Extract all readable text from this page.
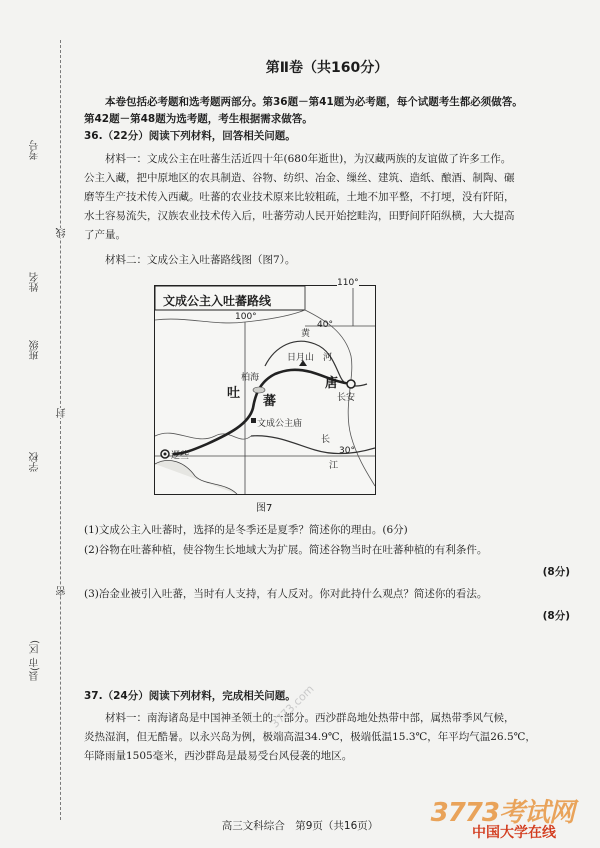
考号
姓名
班级
学校
县(市 区)
线
封
密
第Ⅱ卷（共160分）
本卷包括必考题和选考题两部分。第36题－第41题为必考题，每个试题考生都必须做答。
第42题－第48题为选考题，考生根据需求做答。
36.（22分）阅读下列材料，回答相关问题。
材料一：文成公主在吐蕃生活近四十年(680年逝世)，为汉藏两族的友谊做了许多工作。
公主入藏，把中原地区的农具制造、谷物、纺织、冶金、缫丝、建筑、造纸、酿酒、制陶、碾
磨等生产技术传入西藏。吐蕃的农业技术原来比较粗疏，土地不加平整，不打埂，没有阡陌，
水土容易流失，汉族农业技术传入后，吐蕃劳动人民开始挖畦沟，田野间阡陌纵横，大大提高
了产量。
材料二：文成公主入吐蕃路线图（图7）。
文成公主入吐蕃路线
100°
110°
40°
30°
黄
河
日月山
柏海
吐
蕃
唐
长安
文成公主庙
逻些
长
江
图7
(1)文成公主入吐蕃时，选择的是冬季还是夏季？简述你的理由。(6分)
(2)谷物在吐蕃种植，使谷物生长地域大为扩展。简述谷物当时在吐蕃种植的有利条件。
(8分)
(3)冶金业被引入吐蕃，当时有人支持，有人反对。你对此持什么观点？简述你的看法。
(8分)
37.（24分）阅读下列材料，完成相关问题。
材料一：南海诸岛是中国神圣领土的一部分。西沙群岛地处热带中部，属热带季风气候，
炎热湿润，但无酷暑。以永兴岛为例，极端高温34.9℃，极端低温15.3℃，年平均气温26.5℃，
年降雨量1505毫米，西沙群岛是最易受台风侵袭的地区。
3773.com
高三文科综合　第9页（共16页）	3773考试网
中国大学在线
